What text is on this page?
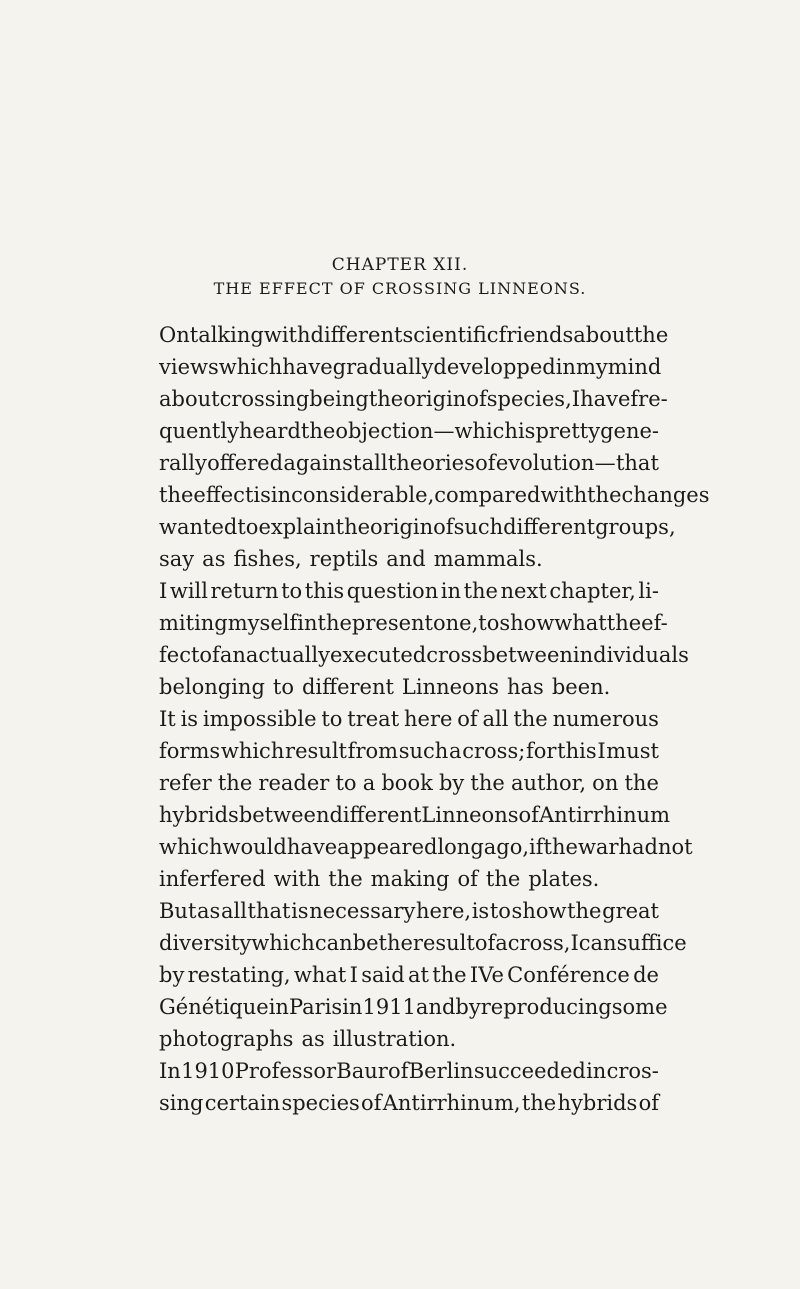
CHAPTER XII.
THE EFFECT OF CROSSING LINNEONS.
On talking with different scientific friends about the
views which have gradually developped in my mind
about crossing being the origin of species, I have fre-
quently heard the objection — which is pretty gene-
rally offered against all theories of evolution — that
the effect is inconsiderable, compared with the changes
wanted to explain the origin of such different groups,
say as fishes, reptils and mammals.
I will return to this question in the next chapter, li-
miting myself in the present one, to show what the ef-
fect of an actually executed cross between individuals
belonging to different Linneons has been.
It is impossible to treat here of all the numerous
forms which result from such a cross; for this I must
refer the reader to a book by the author, on the
hybrids between different Linneons of Antirrhinum
which would have appeared long ago, if the war had not
inferfered with the making of the plates.
But as all that is necessary here, is to show the great
diversity which can be the result of a cross, I can suffice
by restating, what I said at the IVe Conférence de
Génétique in Paris in 1911 and by reproducing some
photographs as illustration.
In 1910 Professor Baur of Berlin succeeded in cros-
sing certain species of Antirrhinum, the hybrids of
